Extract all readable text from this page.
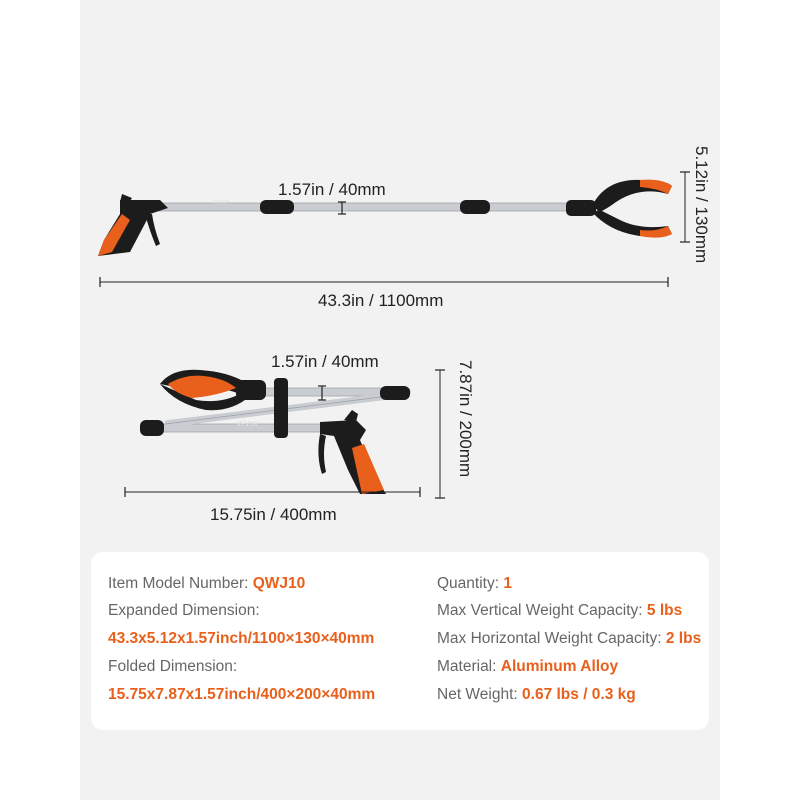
VEVOR
VEVOR
1.57in / 40mm
43.3in / 1100mm
5.12in / 130mm
1.57in / 40mm
15.75in / 400mm
7.87in / 200mm
Item Model Number: QWJ10
Expanded Dimension:
43.3x5.12x1.57inch/1100×130×40mm
Folded Dimension:
15.75x7.87x1.57inch/400×200×40mm
Quantity: 1
Max Vertical Weight Capacity: 5 lbs
Max Horizontal Weight Capacity: 2 lbs
Material: Aluminum Alloy
Net Weight: 0.67 lbs / 0.3 kg
